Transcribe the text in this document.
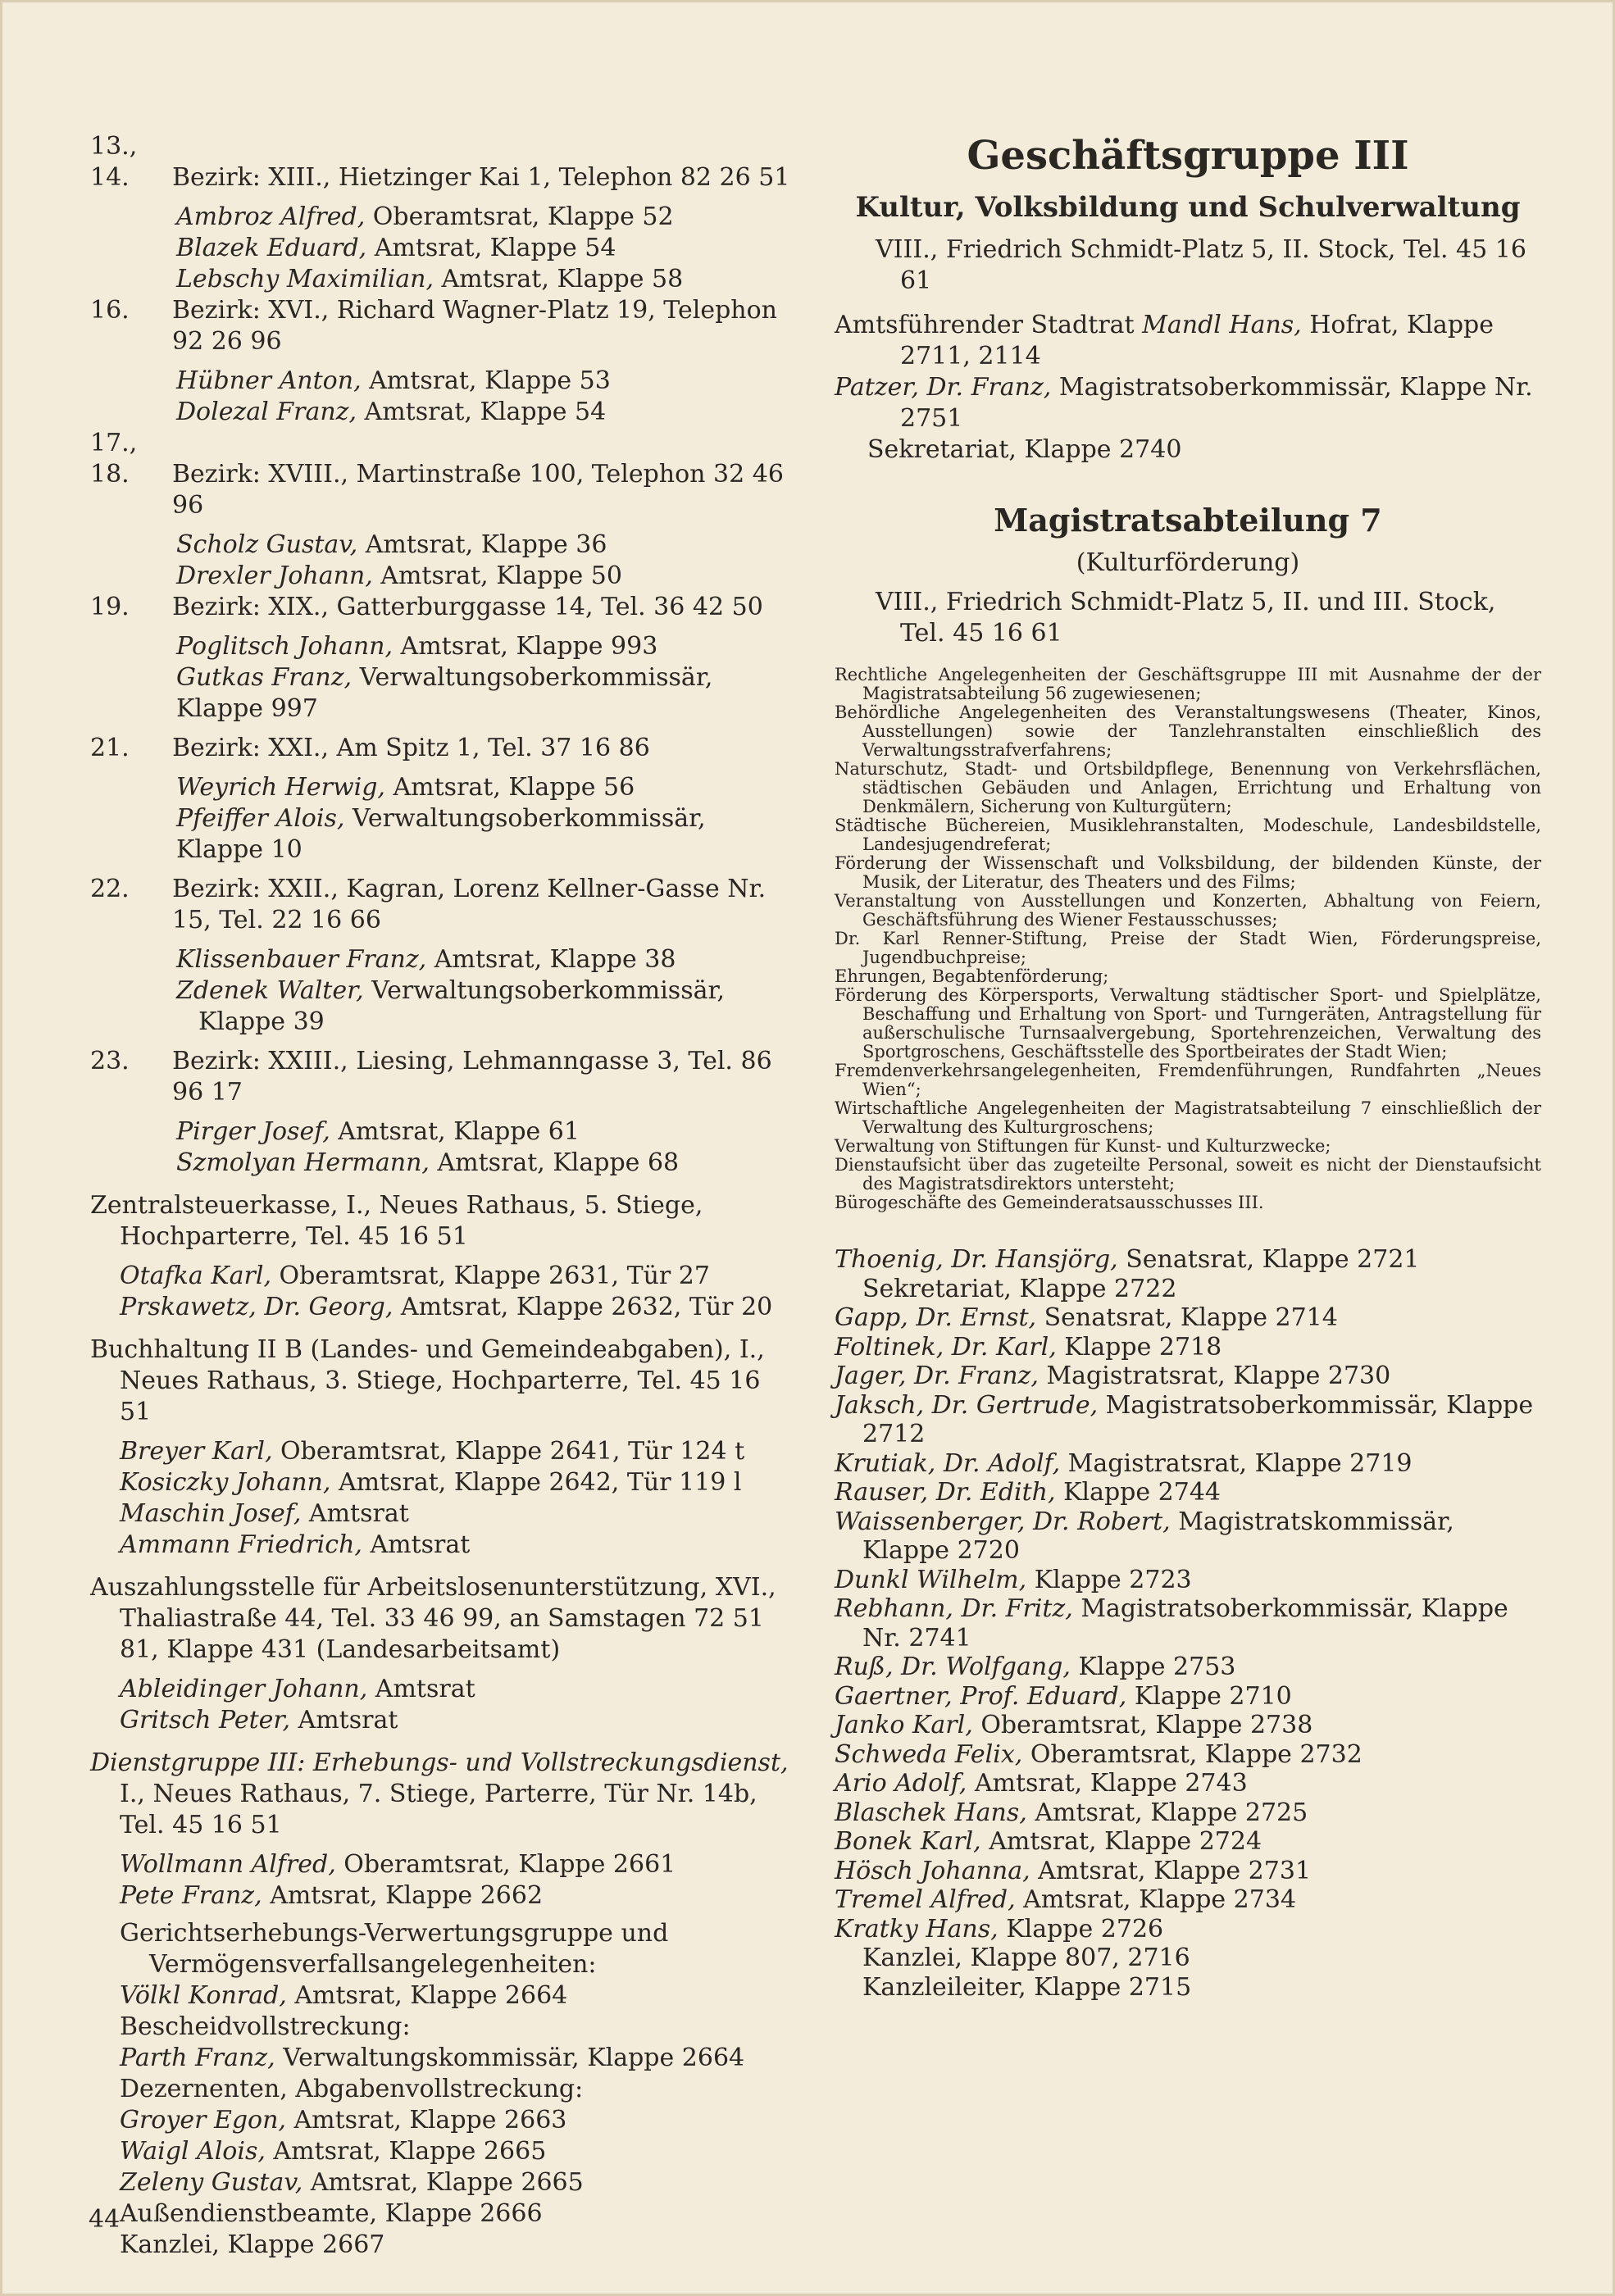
13., 14. Bezirk: XIII., Hietzinger Kai 1, Telephon 82 26 51
Ambroz Alfred, Oberamtsrat, Klappe 52
Blazek Eduard, Amtsrat, Klappe 54
Lebschy Maximilian, Amtsrat, Klappe 58
16. Bezirk: XVI., Richard Wagner-Platz 19, Telephon 92 26 96
Hübner Anton, Amtsrat, Klappe 53
Dolezal Franz, Amtsrat, Klappe 54
17., 18. Bezirk: XVIII., Martinstraße 100, Telephon 32 46 96
Scholz Gustav, Amtsrat, Klappe 36
Drexler Johann, Amtsrat, Klappe 50
19. Bezirk: XIX., Gatterburggasse 14, Tel. 36 42 50
Poglitsch Johann, Amtsrat, Klappe 993
Gutkas Franz, Verwaltungsoberkommissär,
Klappe 997
21. Bezirk: XXI., Am Spitz 1, Tel. 37 16 86
Weyrich Herwig, Amtsrat, Klappe 56
Pfeiffer Alois, Verwaltungsoberkommissär,
Klappe 10
22. Bezirk: XXII., Kagran, Lorenz Kellner-Gasse Nr. 15, Tel. 22 16 66
Klissenbauer Franz, Amtsrat, Klappe 38
Zdenek Walter, Verwaltungsoberkommissär,
Klappe 39
23. Bezirk: XXIII., Liesing, Lehmanngasse 3, Tel. 86 96 17
Pirger Josef, Amtsrat, Klappe 61
Szmolyan Hermann, Amtsrat, Klappe 68
Zentralsteuerkasse, I., Neues Rathaus, 5. Stiege, Hochparterre, Tel. 45 16 51
Otafka Karl, Oberamtsrat, Klappe 2631, Tür 27
Prskawetz, Dr. Georg, Amtsrat, Klappe 2632, Tür 20
Buchhaltung II B (Landes- und Gemeindeabgaben), I., Neues Rathaus, 3. Stiege, Hochparterre, Tel. 45 16 51
Breyer Karl, Oberamtsrat, Klappe 2641, Tür 124 t
Kosiczky Johann, Amtsrat, Klappe 2642, Tür 119 l
Maschin Josef, Amtsrat
Ammann Friedrich, Amtsrat
Auszahlungsstelle für Arbeitslosenunterstützung, XVI., Thaliastraße 44, Tel. 33 46 99, an Samstagen 72 51 81, Klappe 431 (Landesarbeitsamt)
Ableidinger Johann, Amtsrat
Gritsch Peter, Amtsrat
Dienstgruppe III: Erhebungs- und Vollstreckungsdienst, I., Neues Rathaus, 7. Stiege, Parterre, Tür Nr. 14b, Tel. 45 16 51
Wollmann Alfred, Oberamtsrat, Klappe 2661
Pete Franz, Amtsrat, Klappe 2662
Gerichtserhebungs-Verwertungsgruppe und Vermögensverfallsangelegenheiten:
Völkl Konrad, Amtsrat, Klappe 2664
Bescheidvollstreckung:
Parth Franz, Verwaltungskommissär, Klappe 2664
Dezernenten, Abgabenvollstreckung:
Groyer Egon, Amtsrat, Klappe 2663
Waigl Alois, Amtsrat, Klappe 2665
Zeleny Gustav, Amtsrat, Klappe 2665
Außendienstbeamte, Klappe 2666
Kanzlei, Klappe 2667
Geschäftsgruppe III
Kultur, Volksbildung und Schulverwaltung
VIII., Friedrich Schmidt-Platz 5, II. Stock, Tel. 45 16 61
Amtsführender Stadtrat Mandl Hans, Hofrat, Klappe 2711, 2114
Patzer, Dr. Franz, Magistratsoberkommissär, Klappe Nr. 2751
Sekretariat, Klappe 2740
Magistratsabteilung 7
(Kulturförderung)
VIII., Friedrich Schmidt-Platz 5, II. und III. Stock, Tel. 45 16 61
Rechtliche Angelegenheiten der Geschäftsgruppe III mit Ausnahme der der Magistratsabteilung 56 zugewiesenen;
Behördliche Angelegenheiten des Veranstaltungswesens (Theater, Kinos, Ausstellungen) sowie der Tanzlehranstalten einschließlich des Verwaltungsstrafverfahrens;
Naturschutz, Stadt- und Ortsbildpflege, Benennung von Verkehrsflächen, städtischen Gebäuden und Anlagen, Errichtung und Erhaltung von Denkmälern, Sicherung von Kulturgütern;
Städtische Büchereien, Musiklehranstalten, Modeschule, Landesbildstelle, Landesjugendreferat;
Förderung der Wissenschaft und Volksbildung, der bildenden Künste, der Musik, der Literatur, des Theaters und des Films;
Veranstaltung von Ausstellungen und Konzerten, Abhaltung von Feiern, Geschäftsführung des Wiener Festausschusses;
Dr. Karl Renner-Stiftung, Preise der Stadt Wien, Förderungspreise, Jugendbuchpreise;
Ehrungen, Begabtenförderung;
Förderung des Körpersports, Verwaltung städtischer Sport- und Spielplätze, Beschaffung und Erhaltung von Sport- und Turngeräten, Antragstellung für außerschulische Turnsaalvergebung, Sportehrenzeichen, Verwaltung des Sportgroschens, Geschäftsstelle des Sportbeirates der Stadt Wien;
Fremdenverkehrsangelegenheiten, Fremdenführungen, Rundfahrten „Neues Wien“;
Wirtschaftliche Angelegenheiten der Magistratsabteilung 7 einschließlich der Verwaltung des Kulturgroschens;
Verwaltung von Stiftungen für Kunst- und Kulturzwecke;
Dienstaufsicht über das zugeteilte Personal, soweit es nicht der Dienstaufsicht des Magistratsdirektors untersteht;
Bürogeschäfte des Gemeinderatsausschusses III.
Thoenig, Dr. Hansjörg, Senatsrat, Klappe 2721
Sekretariat, Klappe 2722
Gapp, Dr. Ernst, Senatsrat, Klappe 2714
Foltinek, Dr. Karl, Klappe 2718
Jager, Dr. Franz, Magistratsrat, Klappe 2730
Jaksch, Dr. Gertrude, Magistratsoberkommissär, Klappe 2712
Krutiak, Dr. Adolf, Magistratsrat, Klappe 2719
Rauser, Dr. Edith, Klappe 2744
Waissenberger, Dr. Robert, Magistratskommissär, Klappe 2720
Dunkl Wilhelm, Klappe 2723
Rebhann, Dr. Fritz, Magistratsoberkommissär, Klappe Nr. 2741
Ruß, Dr. Wolfgang, Klappe 2753
Gaertner, Prof. Eduard, Klappe 2710
Janko Karl, Oberamtsrat, Klappe 2738
Schweda Felix, Oberamtsrat, Klappe 2732
Ario Adolf, Amtsrat, Klappe 2743
Blaschek Hans, Amtsrat, Klappe 2725
Bonek Karl, Amtsrat, Klappe 2724
Hösch Johanna, Amtsrat, Klappe 2731
Tremel Alfred, Amtsrat, Klappe 2734
Kratky Hans, Klappe 2726
Kanzlei, Klappe 807, 2716
Kanzleileiter, Klappe 2715
44
